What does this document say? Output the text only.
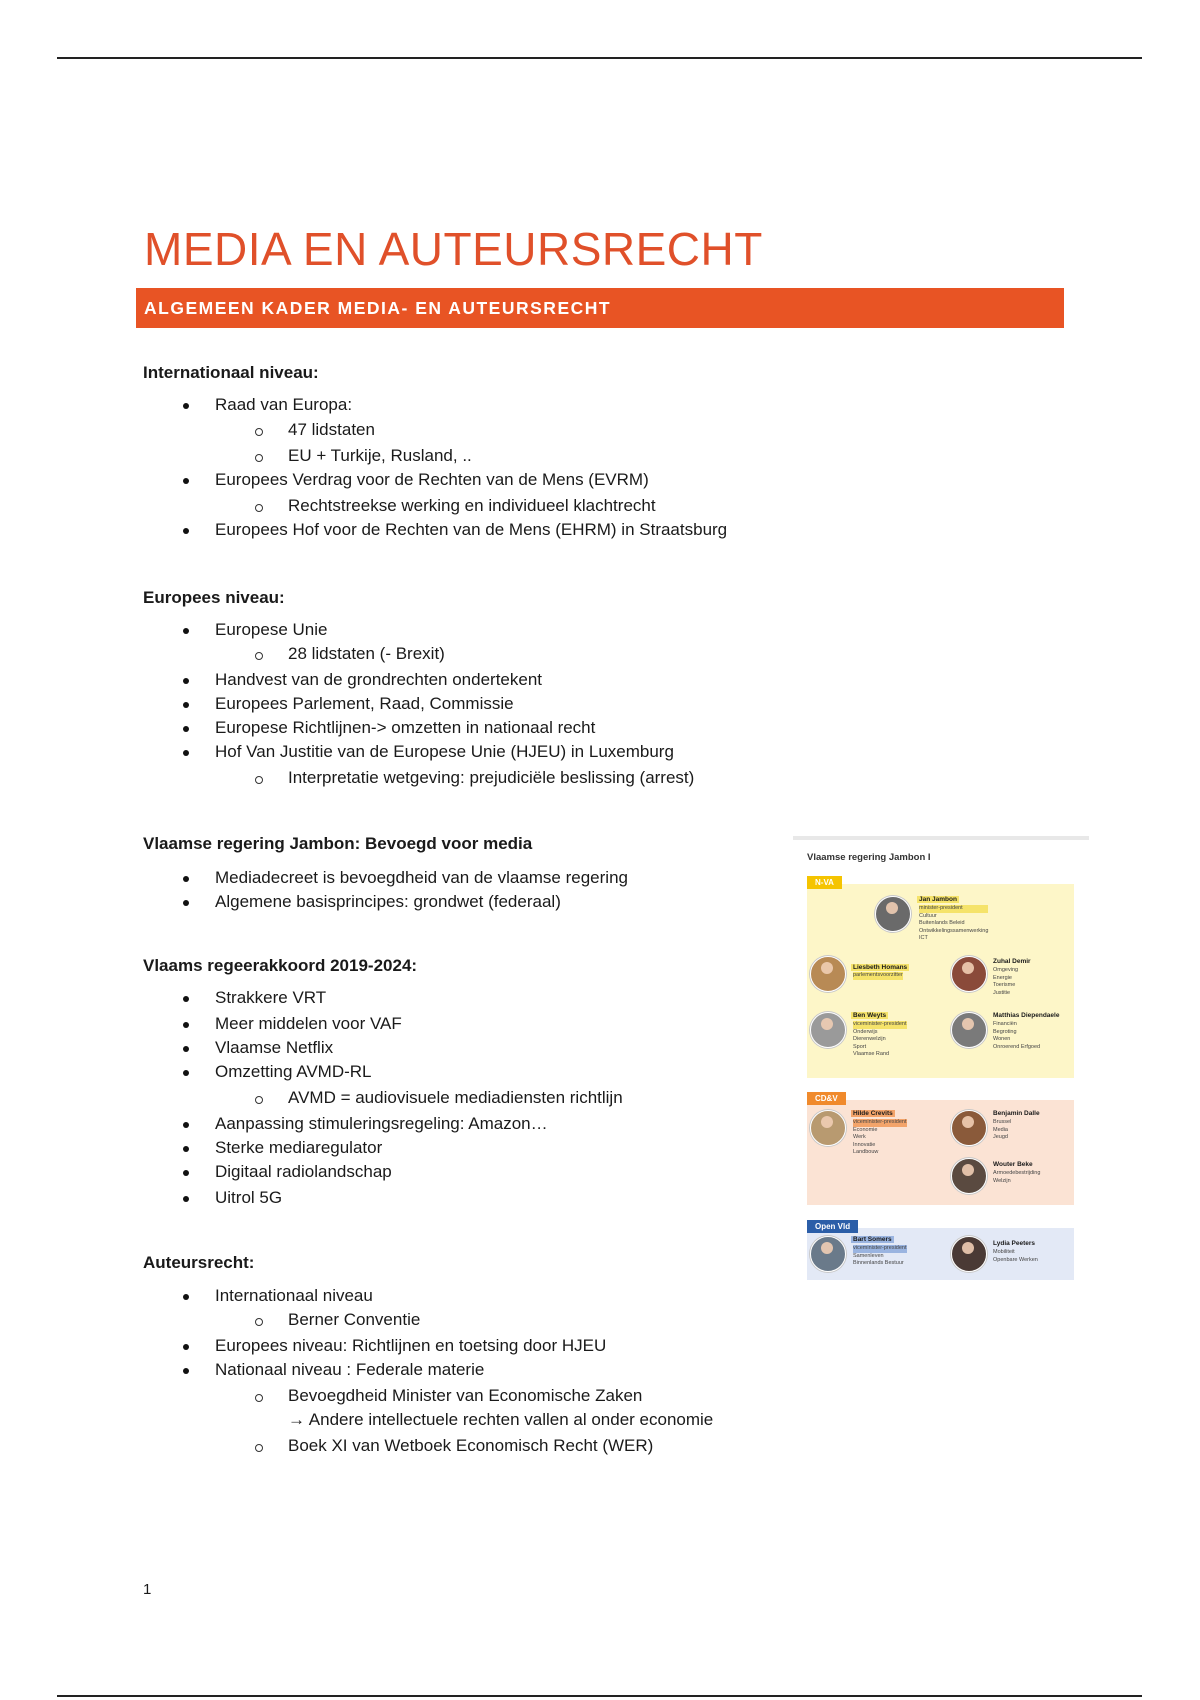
MEDIA EN AUTEURSRECHT
ALGEMEEN KADER MEDIA- EN AUTEURSRECHT
Internationaal niveau:
Raad van Europa:
47 lidstaten
EU + Turkije, Rusland, ..
Europees Verdrag voor de Rechten van de Mens (EVRM)
Rechtstreekse werking en individueel klachtrecht
Europees Hof voor de Rechten van de Mens (EHRM) in Straatsburg
Europees niveau:
Europese Unie
28 lidstaten (- Brexit)
Handvest van de grondrechten ondertekent
Europees Parlement, Raad, Commissie
Europese Richtlijnen-> omzetten in nationaal recht
Hof Van Justitie van de Europese Unie (HJEU) in Luxemburg
Interpretatie wetgeving: prejudiciële beslissing (arrest)
Vlaamse regering Jambon: Bevoegd voor media
Mediadecreet is bevoegdheid van de vlaamse regering
Algemene basisprincipes: grondwet (federaal)
Vlaams regeerakkoord 2019-2024:
Strakkere VRT
Meer middelen voor VAF
Vlaamse Netflix
Omzetting AVMD-RL
AVMD = audiovisuele mediadiensten richtlijn
Aanpassing stimuleringsregeling: Amazon…
Sterke mediaregulator
Digitaal radiolandschap
Uitrol 5G
Auteursrecht:
Internationaal niveau
Berner Conventie
Europees niveau: Richtlijnen en toetsing door HJEU
Nationaal niveau : Federale materie
Bevoegdheid Minister van Economische Zaken
→ Andere intellectuele rechten vallen al onder economie
Boek XI van Wetboek Economisch Recht (WER)
1
Vlaamse regering Jambon I
N-VA
CD&V
Open Vld
Jan Jambon
minister-president
Cultuur
Buitenlands Beleid
Ontwikkelingssamenwerking
ICT
Liesbeth Homans
parlementsvoorzitter
Zuhal Demir
Omgeving
Energie
Toerisme
Justitie
Ben Weyts
viceminister-president
Onderwijs
Dierenwelzijn
Sport
Vlaamse Rand
Matthias Diependaele
Financiën
Begroting
Wonen
Onroerend Erfgoed
Hilde Crevits
viceminister-president
Economie
Werk
Innovatie
Landbouw
Benjamin Dalle
Brussel
Media
Jeugd
Wouter Beke
Armoedebestrijding
Welzijn
Bart Somers
viceminister-president
Samenleven
Binnenlands Bestuur
Lydia Peeters
Mobiliteit
Openbare Werken
